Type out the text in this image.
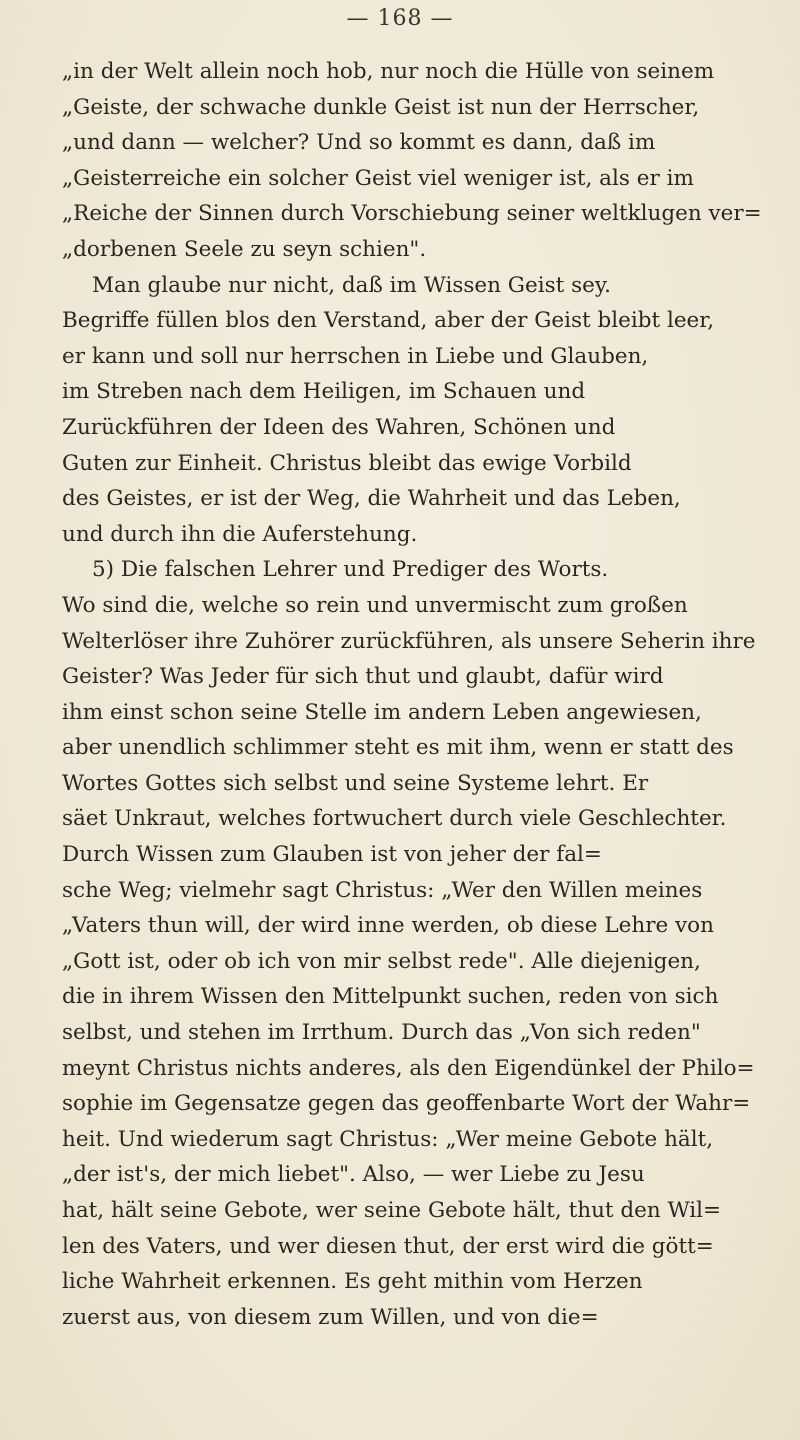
— 168 —
„in der Welt allein noch hob, nur noch die Hülle von seinem
„Geiste, der schwache dunkle Geist ist nun der Herrscher,
„und dann — welcher? Und so kommt es dann, daß im
„Geisterreiche ein solcher Geist viel weniger ist, als er im
„Reiche der Sinnen durch Vorschiebung seiner weltklugen ver=
„dorbenen Seele zu seyn schien".
Man glaube nur nicht, daß im Wissen Geist sey.
Begriffe füllen blos den Verstand, aber der Geist bleibt leer,
er kann und soll nur herrschen in Liebe und Glauben,
im Streben nach dem Heiligen, im Schauen und
Zurückführen der Ideen des Wahren, Schönen und
Guten zur Einheit. Christus bleibt das ewige Vorbild
des Geistes, er ist der Weg, die Wahrheit und das Leben,
und durch ihn die Auferstehung.
5) Die falschen Lehrer und Prediger des Worts.
Wo sind die, welche so rein und unvermischt zum großen
Welterlöser ihre Zuhörer zurückführen, als unsere Seherin ihre
Geister? Was Jeder für sich thut und glaubt, dafür wird
ihm einst schon seine Stelle im andern Leben angewiesen,
aber unendlich schlimmer steht es mit ihm, wenn er statt des
Wortes Gottes sich selbst und seine Systeme lehrt. Er
säet Unkraut, welches fortwuchert durch viele Geschlechter.
Durch Wissen zum Glauben ist von jeher der fal=
sche Weg; vielmehr sagt Christus: „Wer den Willen meines
„Vaters thun will, der wird inne werden, ob diese Lehre von
„Gott ist, oder ob ich von mir selbst rede". Alle diejenigen,
die in ihrem Wissen den Mittelpunkt suchen, reden von sich
selbst, und stehen im Irrthum. Durch das „Von sich reden"
meynt Christus nichts anderes, als den Eigendünkel der Philo=
sophie im Gegensatze gegen das geoffenbarte Wort der Wahr=
heit. Und wiederum sagt Christus: „Wer meine Gebote hält,
„der ist's, der mich liebet". Also, — wer Liebe zu Jesu
hat, hält seine Gebote, wer seine Gebote hält, thut den Wil=
len des Vaters, und wer diesen thut, der erst wird die gött=
liche Wahrheit erkennen. Es geht mithin vom Herzen
zuerst aus, von diesem zum Willen, und von die=
